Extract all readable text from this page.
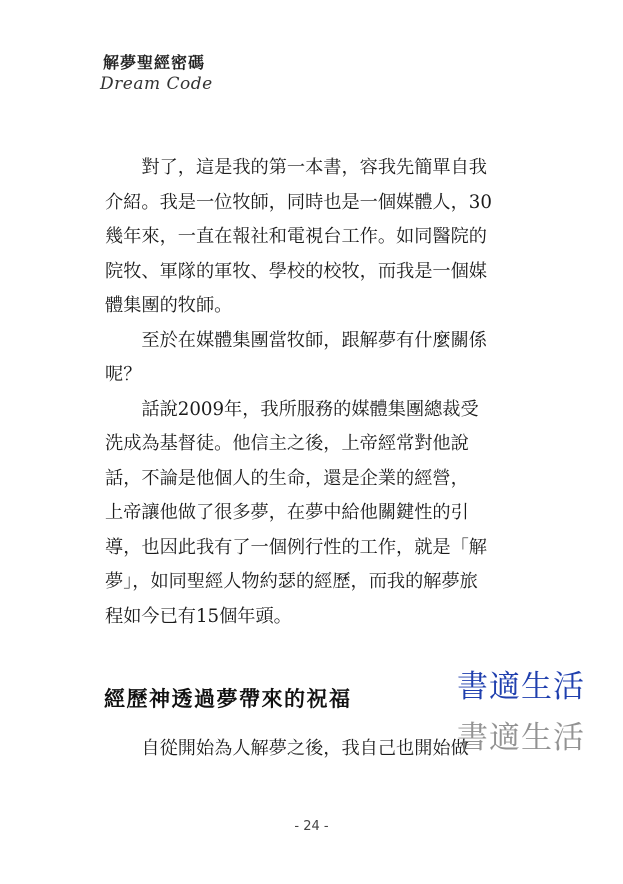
解夢聖經密碼
Dream Code

對了，這是我的第一本書，容我先簡單自我
介紹。我是一位牧師，同時也是一個媒體人，30
幾年來，一直在報社和電視台工作。如同醫院的
院牧、軍隊的軍牧、學校的校牧，而我是一個媒
體集團的牧師。

至於在媒體集團當牧師，跟解夢有什麼關係
呢？

話說2009年，我所服務的媒體集團總裁受
洗成為基督徒。他信主之後，上帝經常對他說
話，不論是他個人的生命，還是企業的經營，
上帝讓他做了很多夢，在夢中給他關鍵性的引
導，也因此我有了一個例行性的工作，就是「解
夢」，如同聖經人物約瑟的經歷，而我的解夢旅
程如今已有15個年頭。

經歷神透過夢帶來的祝福

自從開始為人解夢之後，我自己也開始做

書適生活
書適生活
- 24 -
